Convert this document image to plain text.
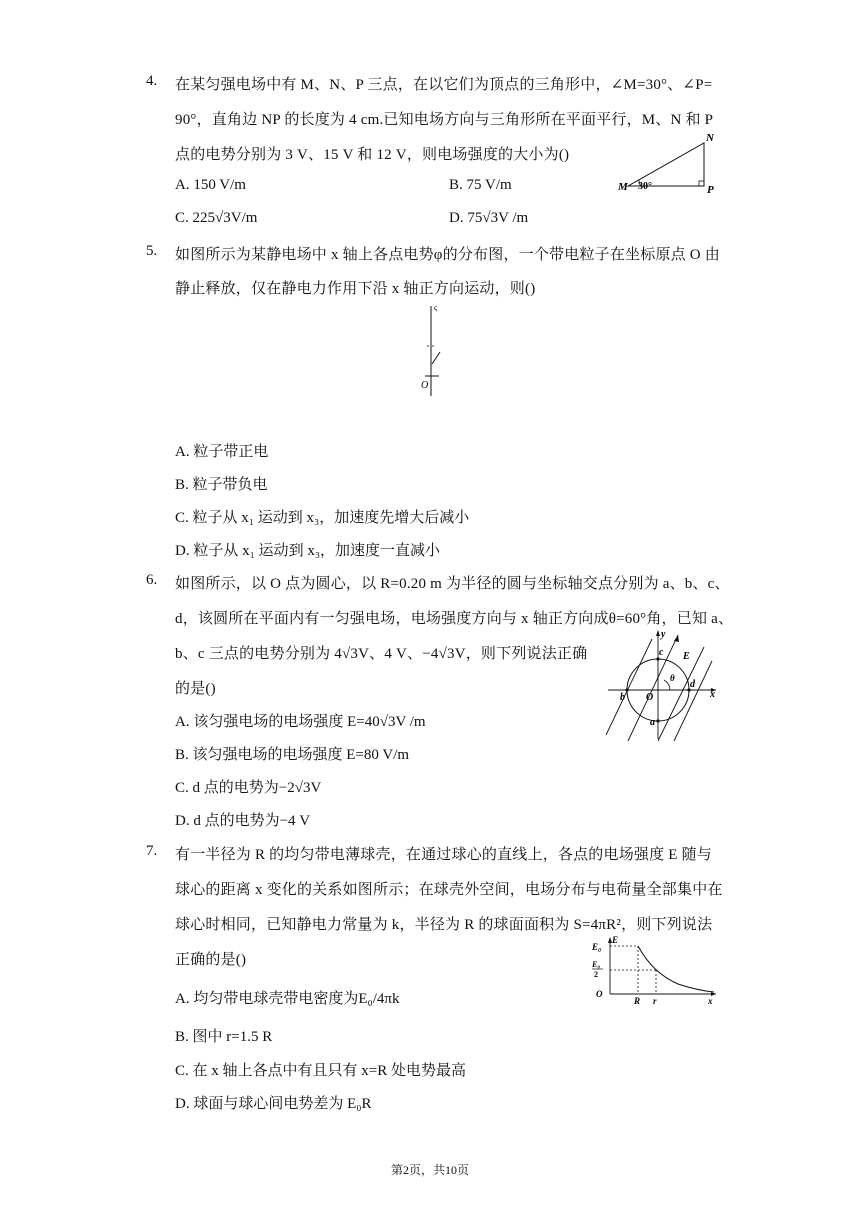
4. 在某匀强电场中有 M、N、P 三点，在以它们为顶点的三角形中，∠M=30°、∠P=
90°，直角边 NP 的长度为 4 cm.已知电场方向与三角形所在平面平行，M、N 和 P
点的电势分别为 3 V、15 V 和 12 V，则电场强度的大小为()
A. 150 V/m	B. 75 V/m
C. 225√3V/m	D. 75√3V /m
M
N
P
30°
5. 如图所示为某静电场中 x 轴上各点电势φ的分布图，一个带电粒子在坐标原点 O 由
静止释放，仅在静电力作用下沿 x 轴正方向运动，则()
A. 粒子带正电
B. 粒子带负电
C. 粒子从 x₁ 运动到 x₃，加速度先增大后减小
D. 粒子从 x₁ 运动到 x₃，加速度一直减小
ς
O
6. 如图所示，以 O 点为圆心，以 R=0.20 m 为半径的圆与坐标轴交点分别为 a、b、c、
d，该圆所在平面内有一匀强电场，电场强度方向与 x 轴正方向成θ=60°角，已知 a、
b、c 三点的电势分别为 4√3V、4 V、−4√3V，则下列说法正确
的是()
A. 该匀强电场的电场强度 E=40√3V /m
B. 该匀强电场的电场强度 E=80 V/m
C. d 点的电势为−2√3V
D. d 点的电势为−4 V
y
x
c E
θ
d
b O
a
7. 有一半径为 R 的均匀带电薄球壳，在通过球心的直线上，各点的电场强度 E 随与
球心的距离 x 变化的关系如图所示；在球壳外空间，电场分布与电荷量全部集中在
球心时相同，已知静电力常量为 k，半径为 R 的球面面积为 S=4πR²，则下列说法
正确的是()
A. 均匀带电球壳带电密度为E₀/4πk
B. 图中 r=1.5 R
C. 在 x 轴上各点中有且只有 x=R 处电势最高
D. 球面与球心间电势差为 E₀R
E₀
E
E₀
2
O
R r	x
第2页，共10页
